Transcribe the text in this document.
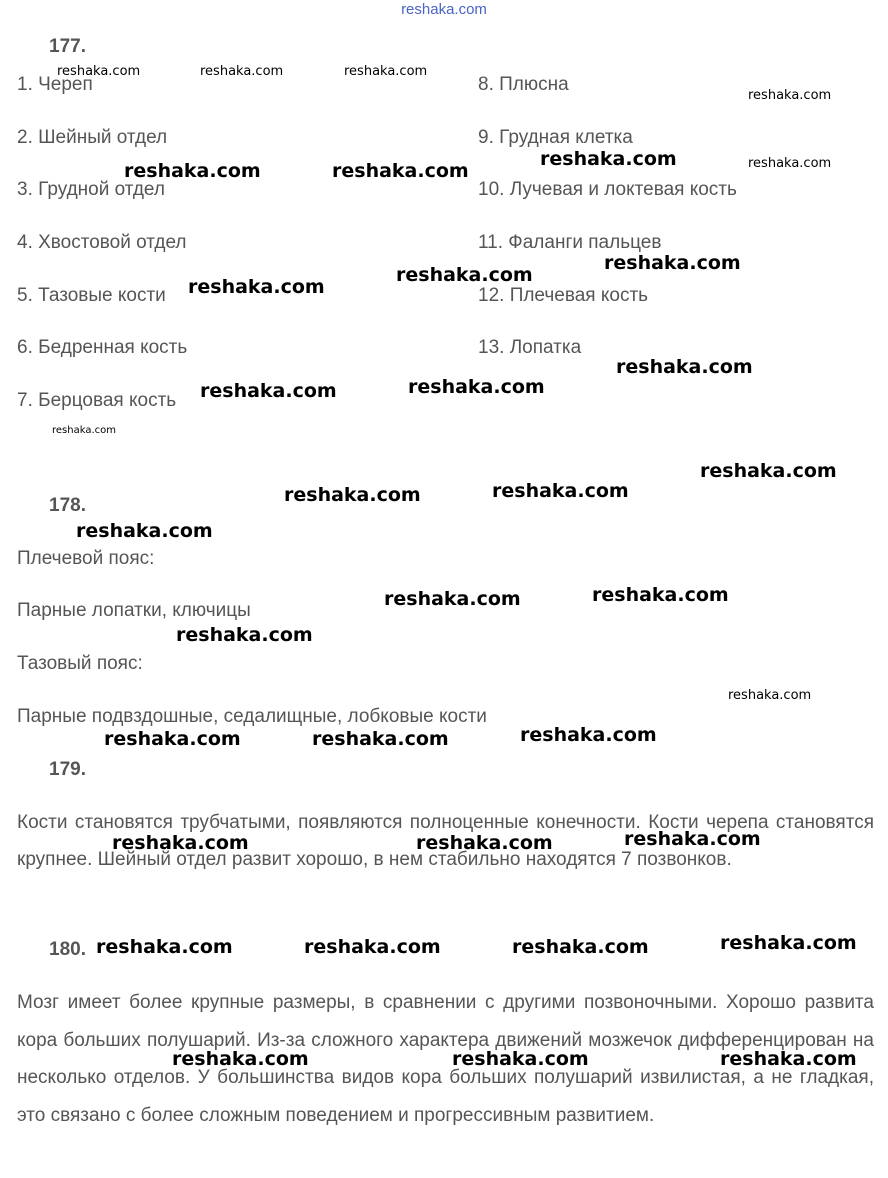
reshaka.com
177.
1. Череп
2. Шейный отдел
3. Грудной отдел
4. Хвостовой отдел
5. Тазовые кости
6. Бедренная кость
7. Берцовая кость
8. Плюсна
9. Грудная клетка
10. Лучевая и локтевая кость
11. Фаланги пальцев
12. Плечевая кость
13. Лопатка
178.
Плечевой пояс:
Парные лопатки, ключицы
Тазовый пояс:
Парные подвздошные, седалищные, лобковые кости
179.
Кости становятся трубчатыми, появляются полноценные конечности. Кости черепа становятся крупнее. Шейный отдел развит хорошо, в нем стабильно находятся 7 позвонков.
180.
Мозг имеет более крупные размеры, в сравнении с другими позвоночными. Хорошо развита кора больших полушарий. Из-за сложного характера движений мозжечок дифференцирован на несколько отделов. У большинства видов кора больших полушарий извилистая, а не гладкая, это связано с более сложным поведением и прогрессивным развитием.
reshaka.com	reshaka.com	reshaka.com
reshaka.com
reshaka.com
reshaka.com
reshaka.com
reshaka.com
reshaka.com	reshaka.com
reshaka.com
reshaka.com
reshaka.com
reshaka.com
reshaka.com
reshaka.com
reshaka.com
reshaka.com
reshaka.com
reshaka.com
reshaka.com
reshaka.com
reshaka.com
reshaka.com
reshaka.com	reshaka.com
reshaka.com
reshaka.com	reshaka.com
reshaka.com
reshaka.com	reshaka.com	reshaka.com
reshaka.com	reshaka.com	reshaka.com
